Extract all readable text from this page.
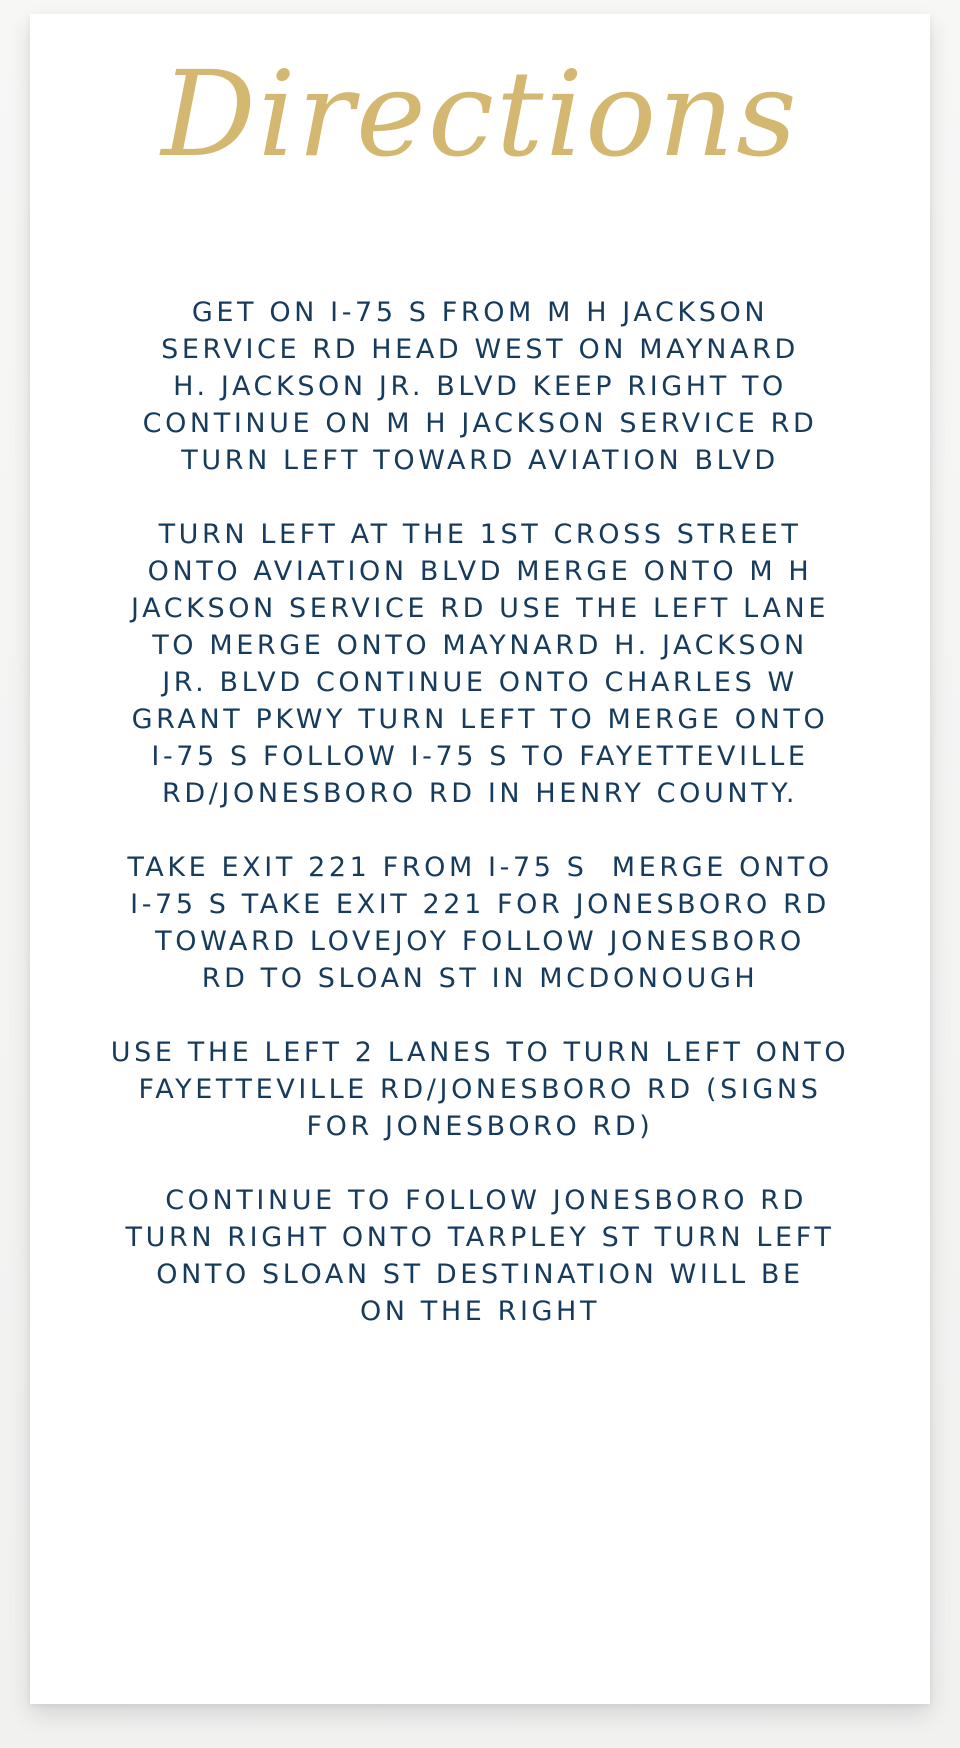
Directions

GET ON I-75 S FROM M H JACKSON
SERVICE RD HEAD WEST ON MAYNARD
H. JACKSON JR. BLVD KEEP RIGHT TO
CONTINUE ON M H JACKSON SERVICE RD
TURN LEFT TOWARD AVIATION BLVD

TURN LEFT AT THE 1ST CROSS STREET
ONTO AVIATION BLVD MERGE ONTO M H
JACKSON SERVICE RD USE THE LEFT LANE
TO MERGE ONTO MAYNARD H. JACKSON
JR. BLVD CONTINUE ONTO CHARLES W
GRANT PKWY TURN LEFT TO MERGE ONTO
I-75 S FOLLOW I-75 S TO FAYETTEVILLE
RD/JONESBORO RD IN HENRY COUNTY.

TAKE EXIT 221 FROM I-75 S  MERGE ONTO
I-75 S TAKE EXIT 221 FOR JONESBORO RD
TOWARD LOVEJOY FOLLOW JONESBORO
RD TO SLOAN ST IN MCDONOUGH

USE THE LEFT 2 LANES TO TURN LEFT ONTO
FAYETTEVILLE RD/JONESBORO RD (SIGNS
FOR JONESBORO RD)

CONTINUE TO FOLLOW JONESBORO RD
TURN RIGHT ONTO TARPLEY ST TURN LEFT
ONTO SLOAN ST DESTINATION WILL BE
ON THE RIGHT
